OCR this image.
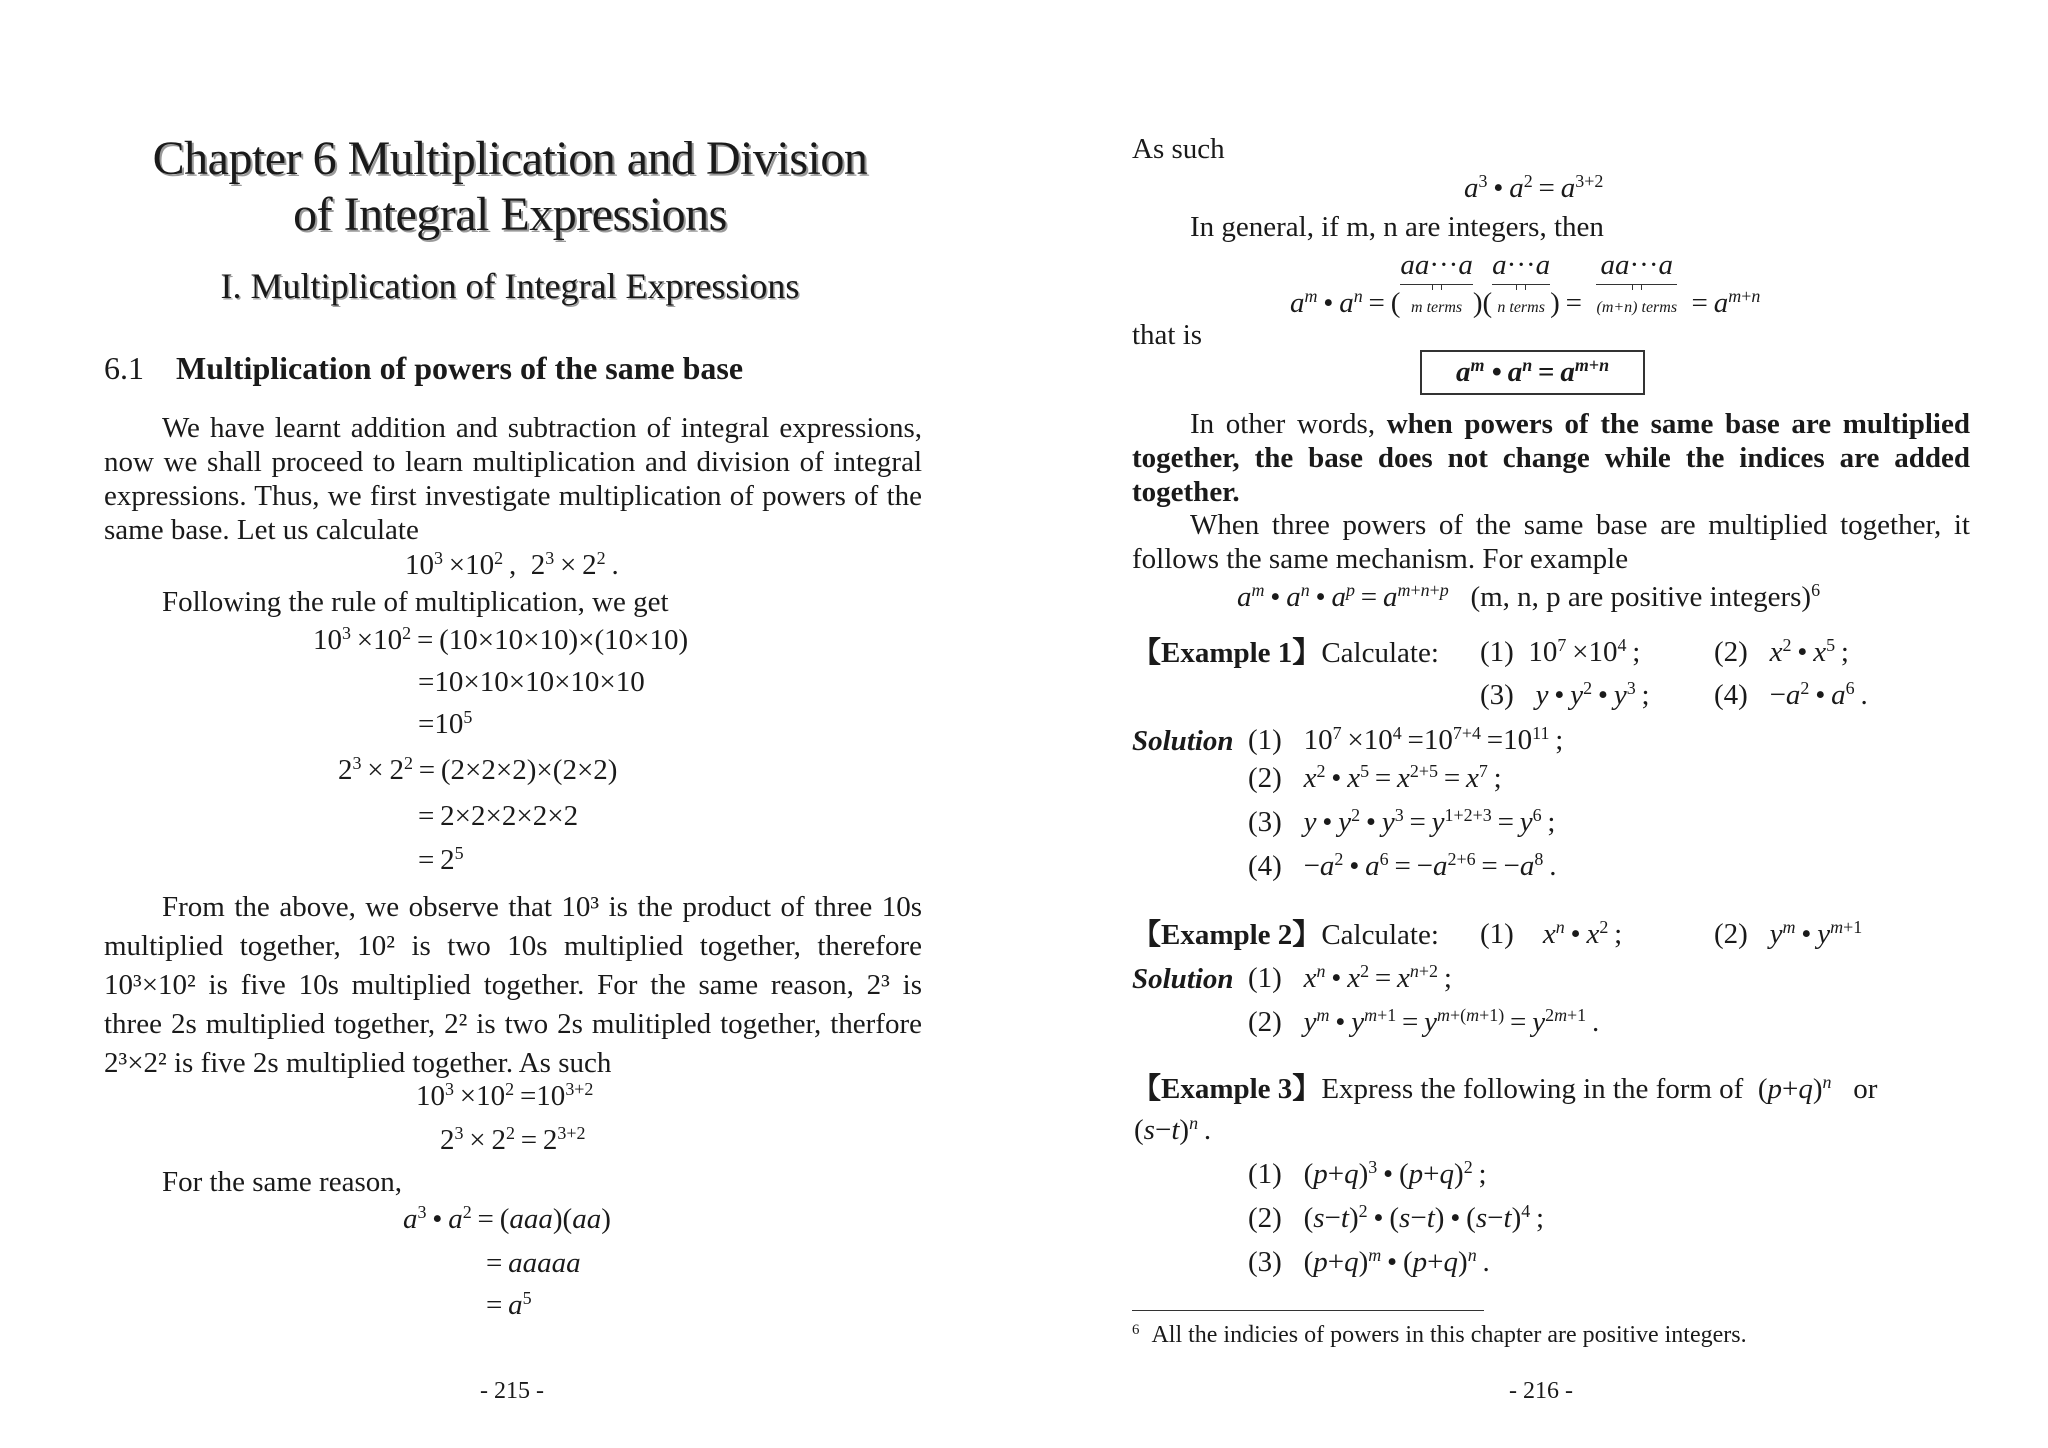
Chapter 6 Multiplication and Division
of Integral Expressions
I. Multiplication of Integral Expressions
6.1 Multiplication of powers of the same base
We have learnt addition and subtraction of integral expressions, now we shall proceed to learn multiplication and division of integral expressions. Thus, we first investigate multiplication of powers of the same base. Let us calculate
$10^3 \times 10^2$ ,  $2^3 \times 2^2$ .
Following the rule of multiplication, we get
$10^3 \times 10^2 = (10\times 10\times 10)\times(10\times 10)$
=10×10×10×10×10
$=10^5$
$2^3 \times 2^2 = (2\times 2\times 2)\times(2\times 2)$
= 2×2×2×2×2
= $2^5$
From the above, we observe that 10³ is the product of three 10s multiplied together, 10² is two 10s multiplied together, therefore 10³×10² is five 10s multiplied together. For the same reason, 2³ is three 2s multiplied together, 2² is two 2s mulitipled together, therfore 2³×2² is five 2s multiplied together. As such
$10^3 \times 10^2 =10^{3+2}$
$2^3 \times 2^2 = 2^{3+2}$
For the same reason,
$a^3$ • $a^2 = (aaa)(aa)$
= aaaaa
= $a^5$
- 215 -
As such
$a^3$ • $a^2 = a^{3+2}$
In general, if m, n are integers, then
$a^m$ • $a^n = (aa\cdot\cdot\cdot a$
m terms )(a···a
n terms ) =  aa···a
(m+n) terms = $a^{m+n}$
that is
$a^m$ • $a^n = a^{m+n}$
In other words, when powers of the same base are multiplied together, the base does not change while the indices are added together.
When three powers of the same base are multiplied together, it follows the same mechanism. For example
$a^m$ • $a^n$ • $a^p = a^{m+n+p}$ (m, n, p are positive integers)$^6$
【Example 1】Calculate: (1)  $10^7 \times 10^4$ ;	(2)   $x^2$ • $x^5$ ;
(3)   y • $y^2$ • $y^3$ ; $(4) -a^2$ • $a^6$ .
Solution (1)   $10^7 \times 10^4 =10^{7+4} =10^{11}$ ;
(2)   $x^2$ • $x^5 = x^{2+5} = x^7$ ;
(3)   y • $y^2$ • $y^3 = y^{1+2+3} = y^6$ ;
$(4) -a^2$ • $a^6 = -a^{2+6} = -a^8$ .
【Example 2】Calculate: (1)    $x^n$ • $x^2$ ;	(2)   $y^m$ • $y^{m+1}$
Solution (1)   $x^n$ • $x^2 = x^{n+2}$ ;
(2)   $y^m$ • $y^{m+1} = y^{m+(m+1)} = y^{2m+1}$ .
【Example 3】Express the following in the form of $(p+q)^n$ or
$(s-t)^n$ .
(1)   $(p+q)^3$ • $(p+q)^2$ ;
(2)   $(s-t)^2$ • (s−t) • $(s-t)^4$ ;
(3)   $(p+q)^m$ • $(p+q)^n$ .
$^6$ All the indicies of powers in this chapter are positive integers.
- 216 -
